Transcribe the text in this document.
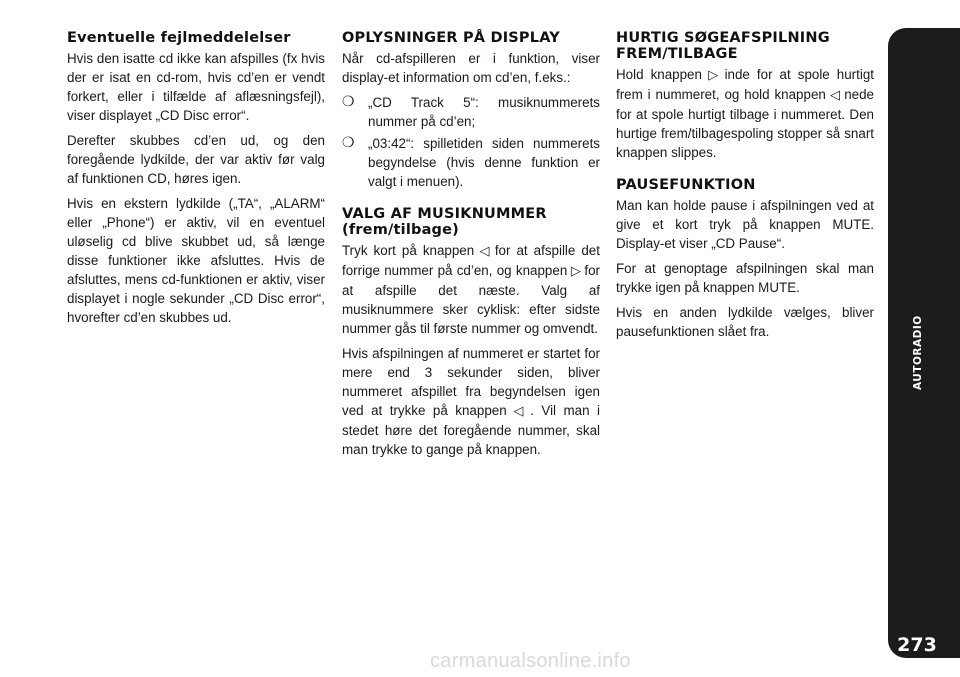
Eventuelle fejlmeddelelser

Hvis den isatte cd ikke kan afspilles (fx hvis der er isat en cd-rom, hvis cd’en er vendt forkert, eller i tilfælde af aflæsningsfejl), viser displayet „CD Disc error“.

Derefter skubbes cd’en ud, og den foregående lydkilde, der var aktiv før valg af funktionen CD, høres igen.

Hvis en ekstern lydkilde („TA“, „ALARM“ eller „Phone“) er aktiv, vil en eventuel uløselig cd blive skubbet ud, så længe disse funktioner ikke afsluttes. Hvis de afsluttes, mens cd-funktionen er aktiv, viser displayet i nogle sekunder „CD Disc error“, hvorefter cd’en skubbes ud.

OPLYSNINGER PÅ DISPLAY

Når cd-afspilleren er i funktion, viser display-et information om cd’en, f.eks.:

❍ „CD Track 5“: musiknummerets nummer på cd’en;
❍ „03:42“: spilletiden siden nummerets begyndelse (hvis denne funktion er valgt i menuen).
VALG AF MUSIKNUMMER (frem/tilbage)

Tryk kort på knappen ◁ for at afspille det forrige nummer på cd’en, og knappen ▷ for at afspille det næste. Valg af musiknummere sker cyklisk: efter sidste nummer gås til første nummer og omvendt.

Hvis afspilningen af nummeret er startet for mere end 3 sekunder siden, bliver nummeret afspillet fra begyndelsen igen ved at trykke på knappen ◁ . Vil man i stedet høre det foregående nummer, skal man trykke to gange på knappen.

HURTIG SØGEAFSPILNING FREM/TILBAGE

Hold knappen ▷ inde for at spole hurtigt frem i nummeret, og hold knappen ◁ nede for at spole hurtigt tilbage i nummeret. Den hurtige frem/tilbagespoling stopper så snart knappen slippes.

PAUSEFUNKTION

Man kan holde pause i afspilningen ved at give et kort tryk på knappen MUTE. Display-et viser „CD Pause“.

For at genoptage afspilningen skal man trykke igen på knappen MUTE.

Hvis en anden lydkilde vælges, bliver pausefunktionen slået fra.	AUTORADIO
273
carmanualsonline.info
